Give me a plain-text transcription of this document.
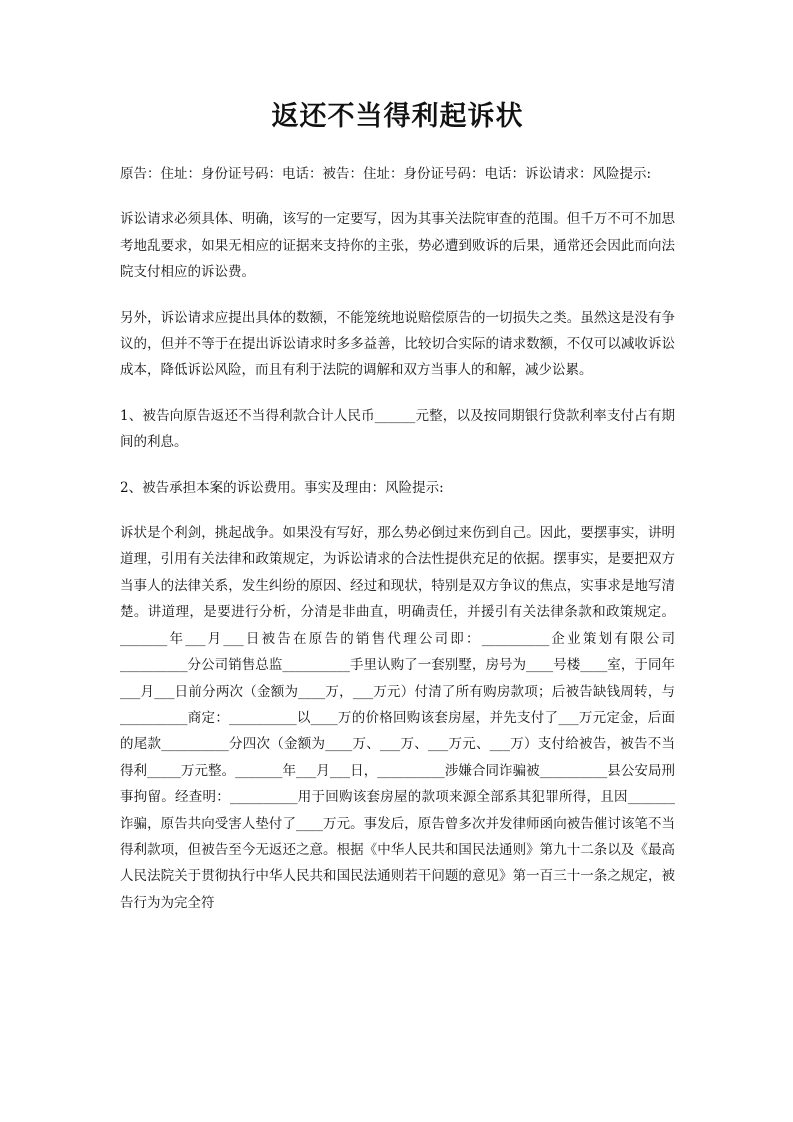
返还不当得利起诉状

原告：住址：身份证号码：电话：被告：住址：身份证号码：电话：诉讼请求：风险提示:

诉讼请求必须具体、明确，该写的一定要写，因为其事关法院审查的范围。但千万不可不加思考地乱要求，如果无相应的证据来支持你的主张，势必遭到败诉的后果，通常还会因此而向法院支付相应的诉讼费。

另外，诉讼请求应提出具体的数额，不能笼统地说赔偿原告的一切损失之类。虽然这是没有争议的，但并不等于在提出诉讼请求时多多益善，比较切合实际的请求数额，不仅可以减收诉讼成本，降低诉讼风险，而且有利于法院的调解和双方当事人的和解，减少讼累。

1、被告向原告返还不当得利款合计人民币______元整，以及按同期银行贷款利率支付占有期间的利息。

2、被告承担本案的诉讼费用。事实及理由：风险提示:

诉状是个利剑，挑起战争。如果没有写好，那么势必倒过来伤到自己。因此，要摆事实，讲明道理，引用有关法律和政策规定，为诉讼请求的合法性提供充足的依据。摆事实，是要把双方当事人的法律关系，发生纠纷的原因、经过和现状，特别是双方争议的焦点，实事求是地写清楚。讲道理，是要进行分析，分清是非曲直，明确责任，并援引有关法律条款和政策规定。_______年___月___日被告在原告的销售代理公司即：__________企业策划有限公司__________分公司销售总监__________手里认购了一套别墅，房号为____号楼____室，于同年___月___日前分两次（金额为____万，___万元）付清了所有购房款项；后被告缺钱周转，与__________商定：__________以____万的价格回购该套房屋，并先支付了___万元定金，后面的尾款__________分四次（金额为____万、___万、___万元、___万）支付给被告，被告不当得利_____万元整。_______年___月___日，__________涉嫌合同诈骗被__________县公安局刑事拘留。经查明：__________用于回购该套房屋的款项来源全部系其犯罪所得，且因_______诈骗，原告共向受害人垫付了____万元。事发后，原告曾多次并发律师函向被告催讨该笔不当得利款项，但被告至今无返还之意。根据《中华人民共和国民法通则》第九十二条以及《最高人民法院关于贯彻执行中华人民共和国民法通则若干问题的意见》第一百三十一条之规定，被告行为为完全符
